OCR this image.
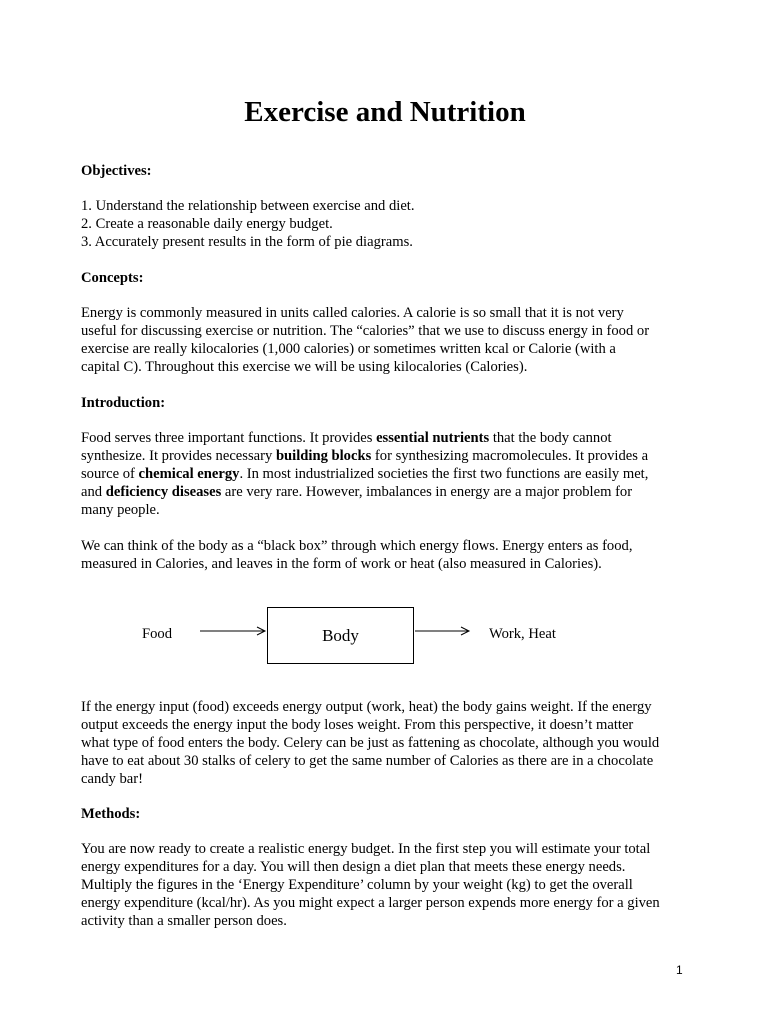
Exercise and Nutrition
Objectives:
1. Understand the relationship between exercise and diet.
2. Create a reasonable daily energy budget.
3. Accurately present results in the form of pie diagrams.
Concepts:
Energy is commonly measured in units called calories. A calorie is so small that it is not very
useful for discussing exercise or nutrition. The “calories” that we use to discuss energy in food or
exercise are really kilocalories (1,000 calories) or sometimes written kcal or Calorie (with a
capital C). Throughout this exercise we will be using kilocalories (Calories).
Introduction:
Food serves three important functions. It provides essential nutrients that the body cannot
synthesize. It provides necessary building blocks for synthesizing macromolecules. It provides a
source of chemical energy. In most industrialized societies the first two functions are easily met,
and deficiency diseases are very rare. However, imbalances in energy are a major problem for
many people.
We can think of the body as a “black box” through which energy flows. Energy enters as food,
measured in Calories, and leaves in the form of work or heat (also measured in Calories).
Food	Body	Work, Heat
If the energy input (food) exceeds energy output (work, heat) the body gains weight. If the energy
output exceeds the energy input the body loses weight. From this perspective, it doesn’t matter
what type of food enters the body. Celery can be just as fattening as chocolate, although you would
have to eat about 30 stalks of celery to get the same number of Calories as there are in a chocolate
candy bar!
Methods:
You are now ready to create a realistic energy budget. In the first step you will estimate your total
energy expenditures for a day. You will then design a diet plan that meets these energy needs.
Multiply the figures in the ‘Energy Expenditure’ column by your weight (kg) to get the overall
energy expenditure (kcal/hr). As you might expect a larger person expends more energy for a given
activity than a smaller person does.
1
